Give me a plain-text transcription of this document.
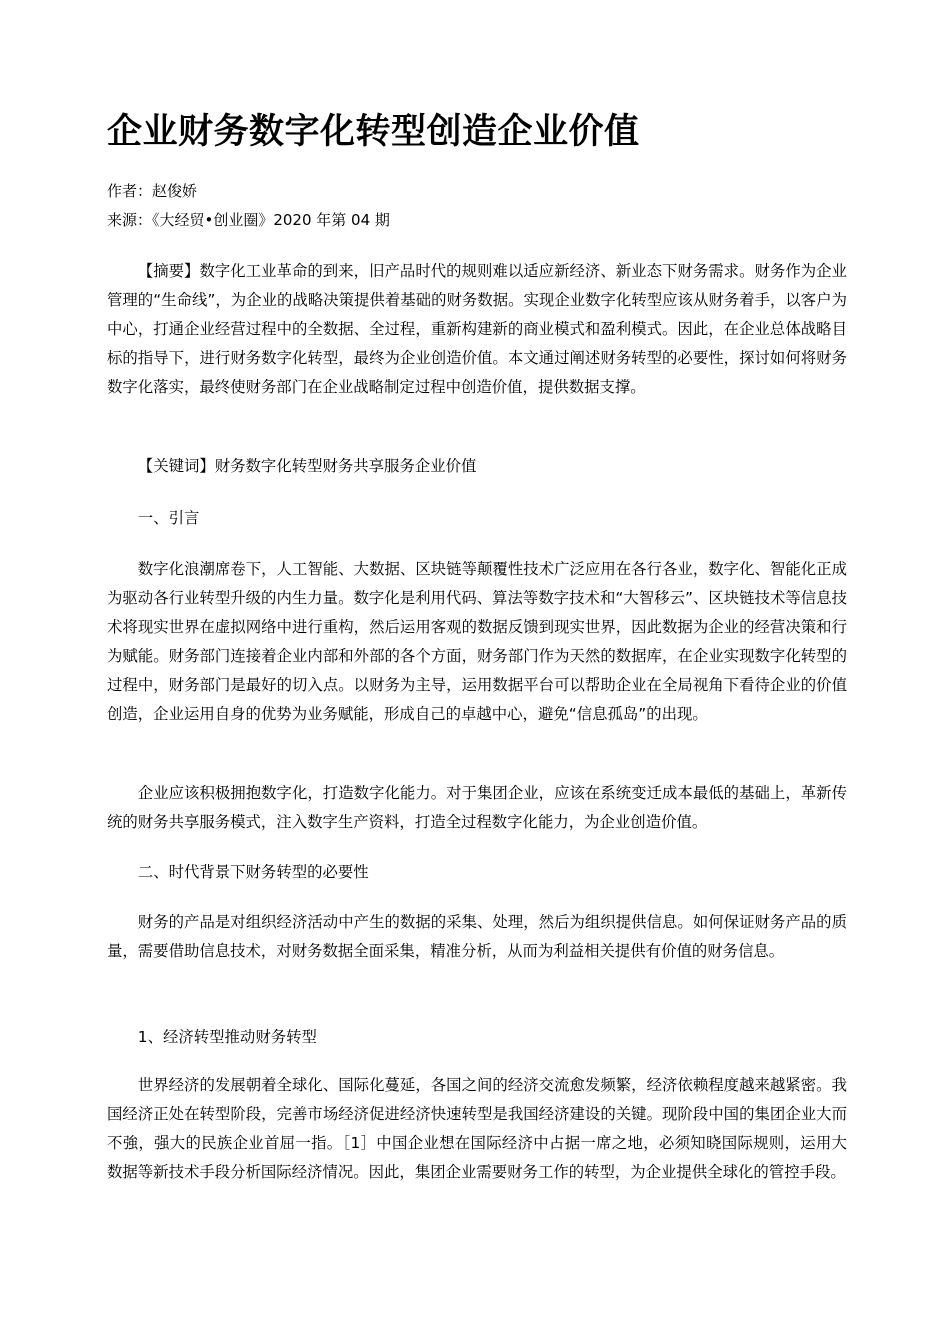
企业财务数字化转型创造企业价值

作者：赵俊娇

来源：《大经贸•创业圈》2020 年第 04 期

【摘要】数字化工业革命的到来，旧产品时代的规则难以适应新经济、新业态下财务需求。财务作为企业管理的“生命线”，为企业的战略决策提供着基础的财务数据。实现企业数字化转型应该从财务着手，以客户为中心，打通企业经营过程中的全数据、全过程，重新构建新的商业模式和盈利模式。因此，在企业总体战略目标的指导下，进行财务数字化转型，最终为企业创造价值。本文通过阐述财务转型的必要性，探讨如何将财务数字化落实，最终使财务部门在企业战略制定过程中创造价值，提供数据支撑。

【关键词】财务数字化转型财务共享服务企业价值

一、引言

数字化浪潮席卷下，人工智能、大数据、区块链等颠覆性技术广泛应用在各行各业，数字化、智能化正成为驱动各行业转型升级的内生力量。数字化是利用代码、算法等数字技术和“大智移云”、区块链技术等信息技术将现实世界在虚拟网络中进行重构，然后运用客观的数据反馈到现实世界，因此数据为企业的经营决策和行为赋能。财务部门连接着企业内部和外部的各个方面，财务部门作为天然的数据库，在企业实现数字化转型的过程中，财务部门是最好的切入点。以财务为主导，运用数据平台可以帮助企业在全局视角下看待企业的价值创造，企业运用自身的优势为业务赋能，形成自己的卓越中心，避免“信息孤岛”的出现。

企业应该积极拥抱数字化，打造数字化能力。对于集团企业，应该在系统变迁成本最低的基础上，革新传统的财务共享服务模式，注入数字生产资料，打造全过程数字化能力，为企业创造价值。

二、时代背景下财务转型的必要性

财务的产品是对组织经济活动中产生的数据的采集、处理，然后为组织提供信息。如何保证财务产品的质量，需要借助信息技术，对财务数据全面采集，精准分析，从而为利益相关提供有价值的财务信息。

1、经济转型推动财务转型

世界经济的发展朝着全球化、国际化蔓延，各国之间的经济交流愈发频繁，经济依赖程度越来越紧密。我国经济正处在转型阶段，完善市场经济促进经济快速转型是我国经济建设的关键。现阶段中国的集团企业大而不強，强大的民族企业首屈一指。［1］中国企业想在国际经济中占据一席之地，必须知晓国际规则，运用大数据等新技术手段分析国际经济情况。因此，集团企业需要财务工作的转型，为企业提供全球化的管控手段。
